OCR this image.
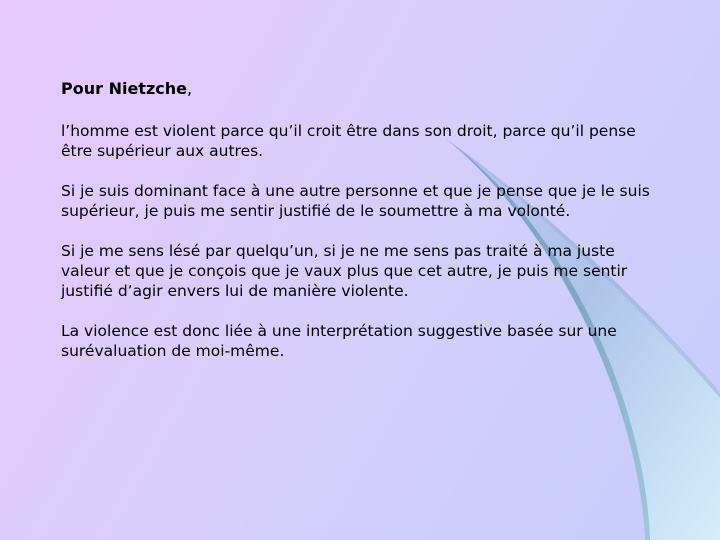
Pour Nietzche,

l’homme est violent parce qu’il croit être dans son droit, parce qu’il pense être supérieur aux autres.

Si je suis dominant face à une autre personne et que je pense que je le suis supérieur, je puis me sentir justifié de le soumettre à ma volonté.

Si je me sens lésé par quelqu’un, si je ne me sens pas traité à ma juste valeur et que je conçois que je vaux plus que cet autre, je puis me sentir justifié d’agir envers lui de manière violente.

La violence est donc liée à une interprétation suggestive basée sur une surévaluation de moi-même.
